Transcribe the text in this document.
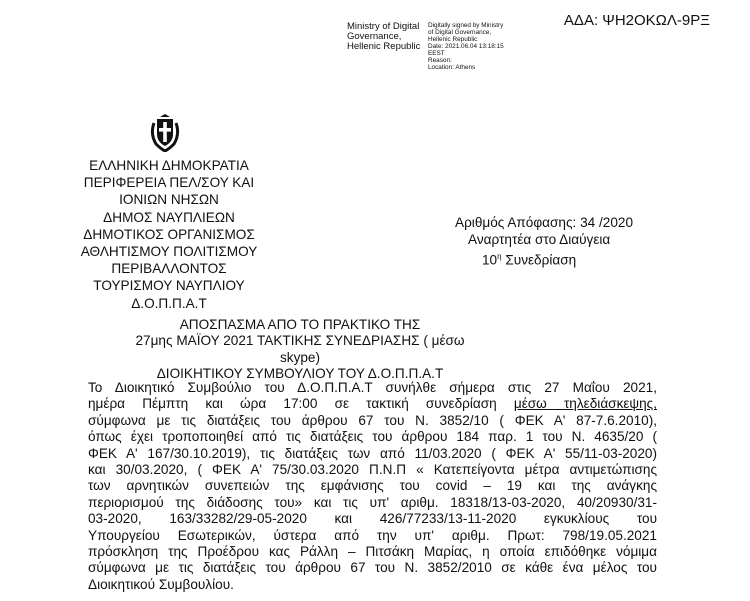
Ministry of Digital
Governance,
Hellenic Republic
Digitally signed by Ministry
of Digital Governance,
Hellenic Republic
Date: 2021.06.04 13:18:15
EEST
Reason:
Location: Athens
ΑΔΑ: ΨΗ2ΟΚΩΛ-9ΡΞ
ΕΛΛΗΝΙΚΗ ΔΗΜΟΚΡΑΤΙΑ
ΠΕΡΙΦΕΡΕΙΑ ΠΕΛ/ΣΟΥ ΚΑΙ
ΙΟΝΙΩΝ ΝΗΣΩΝ
ΔΗΜΟΣ ΝΑΥΠΛΙΕΩΝ
ΔΗΜΟΤΙΚΟΣ ΟΡΓΑΝΙΣΜΟΣ
ΑΘΛΗΤΙΣΜΟΥ ΠΟΛΙΤΙΣΜΟΥ
ΠΕΡΙΒΑΛΛΟΝΤΟΣ
ΤΟΥΡΙΣΜΟΥ ΝΑΥΠΛΙΟΥ
Δ.Ο.Π.Π.Α.Τ
Αριθμός Απόφασης: 34 /2020
Αναρτητέα στο Διαύγεια
$10^\eta$ Συνεδρίαση
ΑΠΟΣΠΑΣΜΑ ΑΠΟ ΤΟ ΠΡΑΚΤΙΚΟ ΤΗΣ
27μης ΜΑΪΟΥ 2021 ΤΑΚΤΙΚΗΣ ΣΥΝΕΔΡΙΑΣΗΣ ( μέσω skype)
ΔΙΟΙΚΗΤΙΚΟΥ ΣΥΜΒΟΥΛΙΟΥ ΤΟΥ Δ.Ο.Π.Π.Α.Τ
Το Διοικητικό Συμβούλιο του Δ.Ο.Π.Π.Α.Τ συνήλθε σήμερα στις 27 Μαΐου 2021,
ημέρα Πέμπτη και ώρα 17:00 σε τακτική συνεδρίαση μέσω τηλεδιάσκεψης,
σύμφωνα με τις διατάξεις του άρθρου 67 του Ν. 3852/10 ( ΦΕΚ Α' 87-7.6.2010),
όπως έχει τροποποιηθεί από τις διατάξεις του άρθρου 184 παρ. 1 του Ν. 4635/20 (
ΦΕΚ Α' 167/30.10.2019), τις διατάξεις των από 11/03.2020 ( ΦΕΚ Α' 55/11-03-2020)
και 30/03.2020, ( ΦΕΚ Α' 75/30.03.2020 Π.Ν.Π « Κατεπείγοντα μέτρα αντιμετώπισης
των αρνητικών συνεπειών της εμφάνισης του covid – 19 και της ανάγκης
περιορισμού της διάδοσης του» και τις υπ' αριθμ. 18318/13-03-2020, 40/20930/31-
03-2020, 163/33282/29-05-2020 και 426/77233/13-11-2020 εγκυκλίους του
Υπουργείου Εσωτερικών, ύστερα από την υπ' αριθμ. Πρωτ: 798/19.05.2021
πρόσκληση της Προέδρου κας Ράλλη – Πιτσάκη Μαρίας, η οποία επιδόθηκε νόμιμα
σύμφωνα με τις διατάξεις του άρθρου 67 του Ν. 3852/2010 σε κάθε ένα μέλος του
Διοικητικού Συμβουλίου.
